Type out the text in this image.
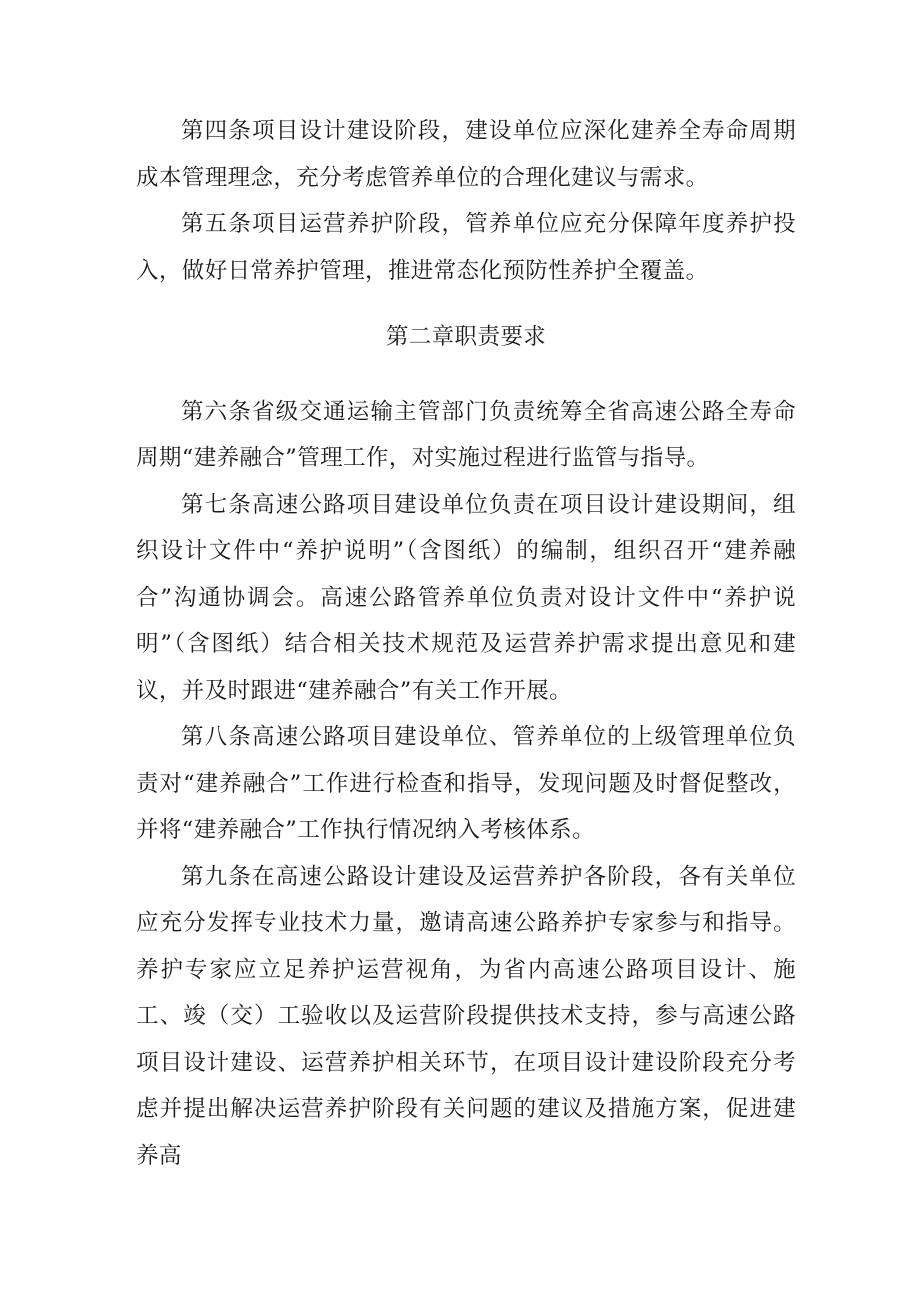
第四条项目设计建设阶段，建设单位应深化建养全寿命周期成本管理理念，充分考虑管养单位的合理化建议与需求。

第五条项目运营养护阶段，管养单位应充分保障年度养护投入，做好日常养护管理，推进常态化预防性养护全覆盖。

第二章职责要求

第六条省级交通运输主管部门负责统筹全省高速公路全寿命周期“建养融合”管理工作，对实施过程进行监管与指导。

第七条高速公路项目建设单位负责在项目设计建设期间，组织设计文件中“养护说明”（含图纸）的编制，组织召开“建养融合”沟通协调会。高速公路管养单位负责对设计文件中“养护说明”（含图纸）结合相关技术规范及运营养护需求提出意见和建议，并及时跟进“建养融合”有关工作开展。

第八条高速公路项目建设单位、管养单位的上级管理单位负责对“建养融合”工作进行检查和指导，发现问题及时督促整改，并将“建养融合”工作执行情况纳入考核体系。

第九条在高速公路设计建设及运营养护各阶段，各有关单位应充分发挥专业技术力量，邀请高速公路养护专家参与和指导。养护专家应立足养护运营视角，为省内高速公路项目设计、施工、竣（交）工验收以及运营阶段提供技术支持，参与高速公路项目设计建设、运营养护相关环节，在项目设计建设阶段充分考虑并提出解决运营养护阶段有关问题的建议及措施方案，促进建养高
